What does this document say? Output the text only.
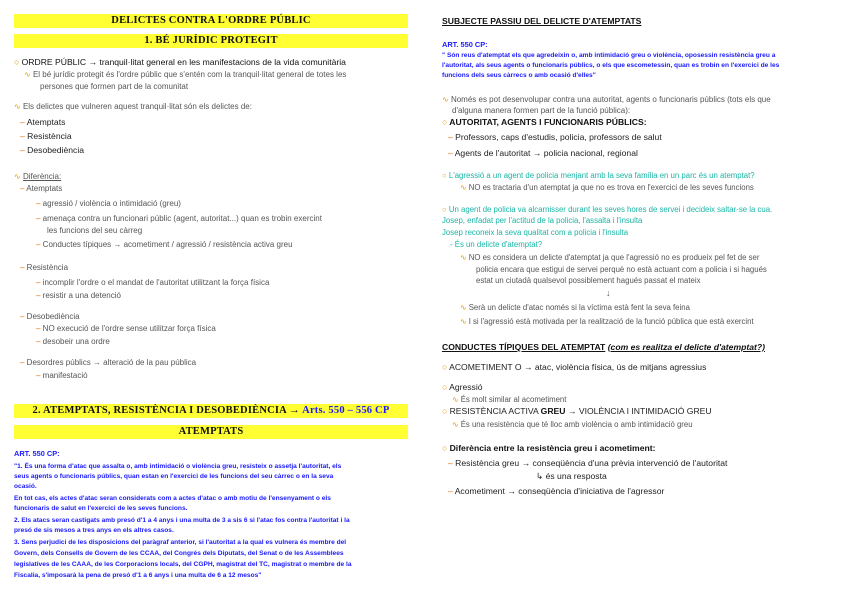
DELICTES CONTRA L'ORDRE PÚBLIC
1. BÉ JURÍDIC PROTEGIT
○ ORDRE PÚBLIC → tranquil·litat general en les manifestacions de la vida comunitària
∿ El bé jurídic protegit és l'ordre públic que s'entén com la tranquil·litat general de totes les
persones que formen part de la comunitat
∿ Els delictes que vulneren aquest tranquil·litat són els delictes de:
– Atemptats
– Resistència
– Desobediència
∿ Diferència:
– Atemptats
– agressió / violència o intimidació (greu)
– amenaça contra un funcionari públic (agent, autoritat...) quan es trobin exercint
les funcions del seu càrreg
– Conductes típiques → acometiment / agressió / resistència activa greu
– Resistència
– incomplir l'ordre o el mandat de l'autoritat utilitzant la força física
– resistir a una detenció
– Desobediència
– NO execució de l'ordre sense utilitzar força física
– desobeir una ordre
– Desordres públics → alteració de la pau pública
– manifestació
2. ATEMPTATS, RESISTÈNCIA I DESOBEDIÈNCIA → Arts. 550 – 556 CP
ATEMPTATS
ART. 550 CP:
"1. És una forma d'atac que assalta o, amb intimidació o violència greu, resisteix o assetja l'autoritat, els
seus agents o funcionaris públics, quan estan en l'exercici de les funcions del seu càrrec o en la seva
ocasió.
En tot cas, els actes d'atac seran considerats com a actes d'atac o amb motiu de l'ensenyament o els
funcionaris de salut en l'exercici de les seves funcions.
2. Els atacs seran castigats amb presó d'1 a 4 anys i una multa de 3 a sis 6 si l'atac fos contra l'autoritat i la
presó de sis mesos a tres anys en els altres casos.
3. Sens perjudici de les disposicions del paràgraf anterior, si l'autoritat a la qual es vulnera és membre del
Govern, dels Consells de Govern de les CCAA, del Congrés dels Diputats, del Senat o de les Assemblees
legislatives de les CAAA, de les Corporacions locals, del CGPH, magistrat del TC, magistrat o membre de la
Fiscalia, s'imposarà la pena de presó d'1 a 6 anys i una multa de 6 a 12 mesos"
SUBJECTE PASSIU DEL DELICTE D'ATEMPTATS
ART. 550 CP:
" Són reus d'atemptat els que agredeixin o, amb intimidació greu o violència, oposessin resistència greu a
l'autoritat, als seus agents o funcionaris públics, o els que escometessin, quan es trobin en l'exercici de les
funcions dels seus càrrecs o amb ocasió d'elles"
∿ Només es pot desenvolupar contra una autoritat, agents o funcionaris públics (tots els que
d'alguna manera formen part de la funció pública):
○ AUTORITAT, AGENTS I FUNCIONARIS PÚBLICS:
– Professors, caps d'estudis, policia, professors de salut
– Agents de l'autoritat → policia nacional, regional
○ L'agressió a un agent de policia menjant amb la seva família en un parc és un atemptat?
∿ NO es tractaria d'un atemptat ja que no es trova en l'exercici de les seves funcions
○ Un agent de policia va alcarnisser durant les seves hores de servei i decideix saltar-se la cua.
Josep, enfadat per l'actitud de la policia, l'assalta i l'insulta
Josep reconeix la seva qualitat com a policia i l'insulta
- És un delicte d'atemptat?
∿ NO es considera un delicte d'atemptat ja que l'agressió no es produeix pel fet de ser
policia encara que estigui de servei perquè no està actuant com a policia i si hagués
estat un ciutadà qualsevol possiblement hagués passat el mateix
↓
∿ Serà un delicte d'atac només si la víctima està fent la seva feina
∿ I si l'agressió està motivada per la realització de la funció pública que està exercint
CONDUCTES TÍPIQUES DEL ATEMPTAT (com es realitza el delicte d'atemptat?)
○ ACOMETIMENT O → atac, violència física, ús de mitjans agressius
○ Agressió
∿ És molt similar al acometiment
○ RESISTÈNCIA ACTIVA GREU → VIOLÈNCIA I INTIMIDACIÓ GREU
∿ És una resistència que té lloc amb violència o amb intimidació greu
○ Diferència entre la resistència greu i acometiment:
– Resistència greu → conseqüència d'una prèvia intervenció de l'autoritat
↳ és una resposta
– Acometiment → conseqüència d'iniciativa de l'agressor
